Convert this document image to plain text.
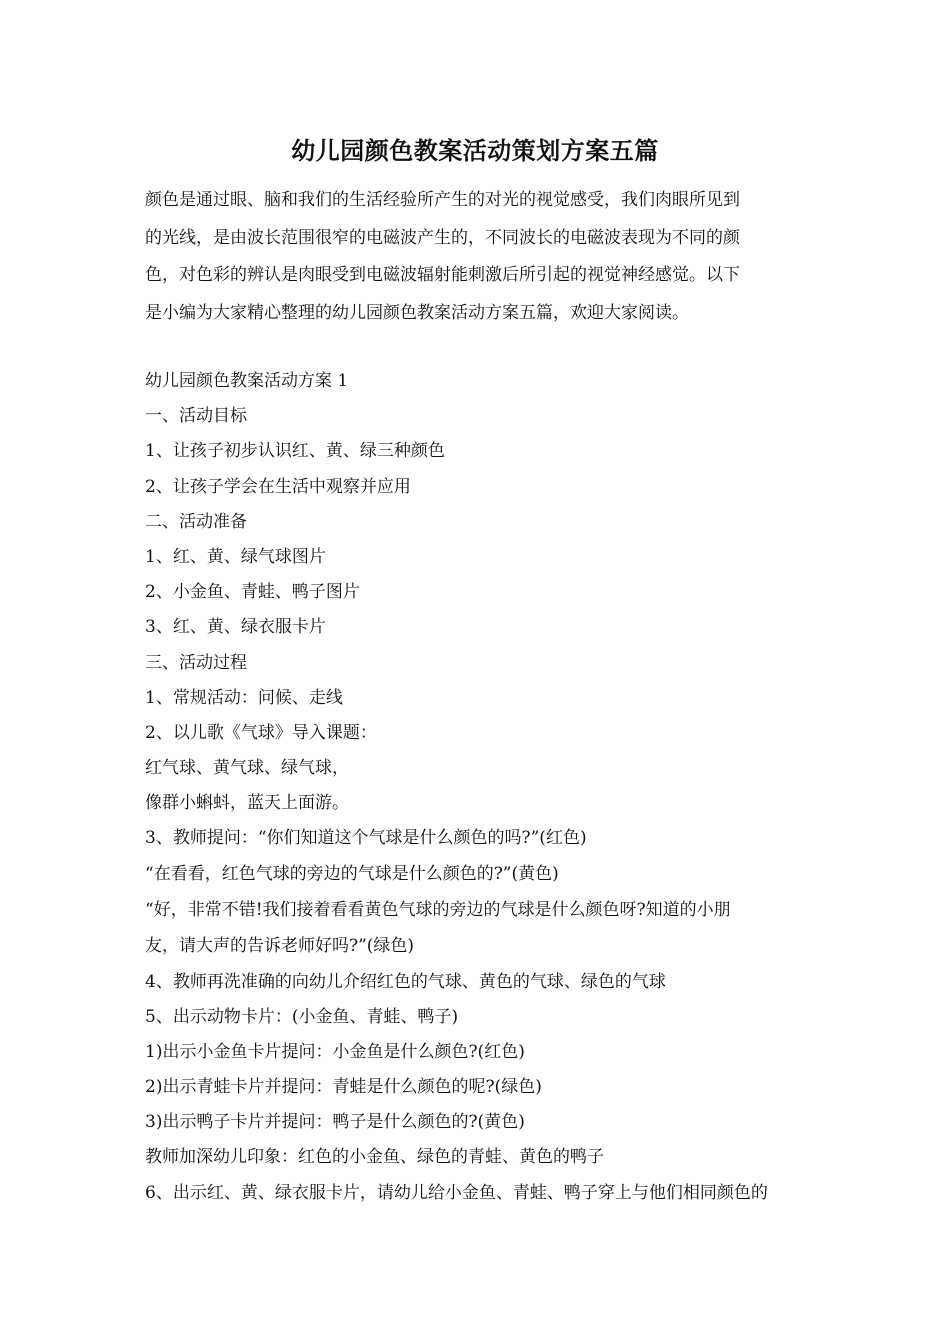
幼儿园颜色教案活动策划方案五篇
颜色是通过眼、脑和我们的生活经验所产生的对光的视觉感受，我们肉眼所见到
的光线，是由波长范围很窄的电磁波产生的，不同波长的电磁波表现为不同的颜
色，对色彩的辨认是肉眼受到电磁波辐射能刺激后所引起的视觉神经感觉。以下
是小编为大家精心整理的幼儿园颜色教案活动方案五篇，欢迎大家阅读。
幼儿园颜色教案活动方案 1
一、活动目标
1、让孩子初步认识红、黄、绿三种颜色
2、让孩子学会在生活中观察并应用
二、活动准备
1、红、黄、绿气球图片
2、小金鱼、青蛙、鸭子图片
3、红、黄、绿衣服卡片
三、活动过程
1、常规活动：问候、走线
2、以儿歌《气球》导入课题：
红气球、黄气球、绿气球，
像群小蝌蚪，蓝天上面游。
3、教师提问：“你们知道这个气球是什么颜色的吗?”(红色)
“在看看，红色气球的旁边的气球是什么颜色的?”(黄色)
“好，非常不错!我们接着看看黄色气球的旁边的气球是什么颜色呀?知道的小朋
友，请大声的告诉老师好吗?”(绿色)
4、教师再洗准确的向幼儿介绍红色的气球、黄色的气球、绿色的气球
5、出示动物卡片：(小金鱼、青蛙、鸭子)
1)出示小金鱼卡片提问：小金鱼是什么颜色?(红色)
2)出示青蛙卡片并提问：青蛙是什么颜色的呢?(绿色)
3)出示鸭子卡片并提问：鸭子是什么颜色的?(黄色)
教师加深幼儿印象：红色的小金鱼、绿色的青蛙、黄色的鸭子
6、出示红、黄、绿衣服卡片，请幼儿给小金鱼、青蛙、鸭子穿上与他们相同颜色的
